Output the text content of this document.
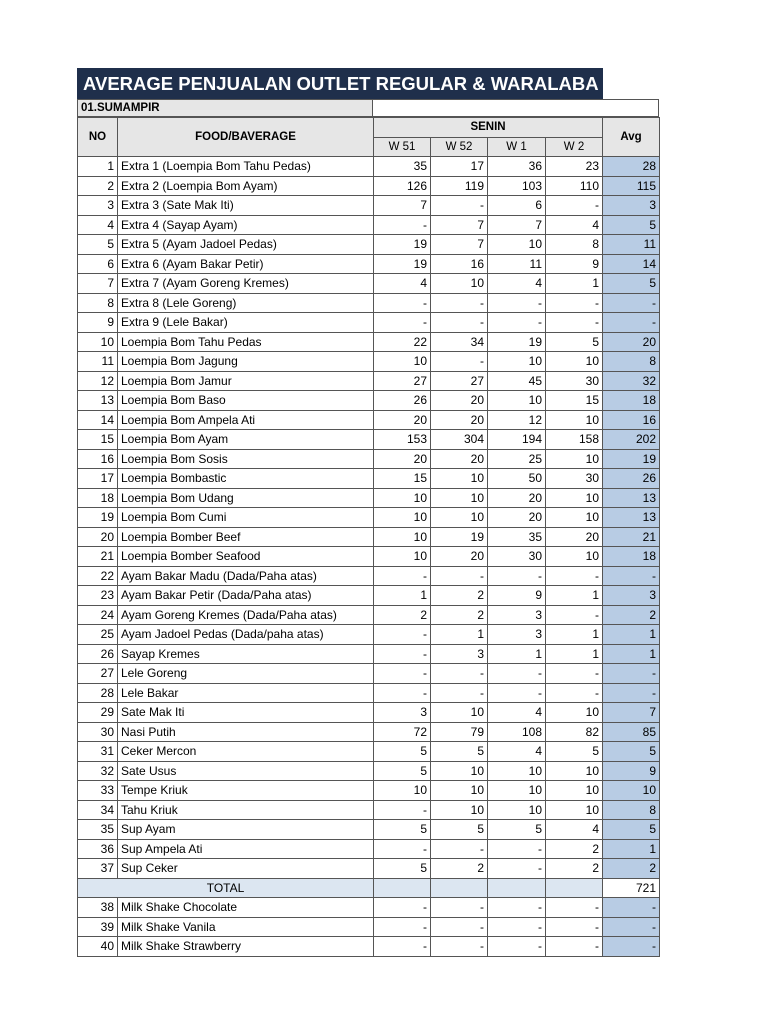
AVERAGE PENJUALAN OUTLET REGULAR & WARALABA
01.SUMAMPIR
NO	FOOD/BAVERAGE	SENIN				Avg
		W 51	W 52	W 1	W 2	
1	Extra 1 (Loempia Bom Tahu Pedas)	35	17	36	23	28
2	Extra 2 (Loempia Bom Ayam)	126	119	103	110	115
3	Extra 3 (Sate Mak Iti)	7	-	6	-	3
4	Extra 4 (Sayap Ayam)	-	7	7	4	5
5	Extra 5 (Ayam Jadoel Pedas)	19	7	10	8	11
6	Extra 6 (Ayam Bakar Petir)	19	16	11	9	14
7	Extra 7 (Ayam Goreng Kremes)	4	10	4	1	5
8	Extra 8 (Lele Goreng)	-	-	-	-	-
9	Extra 9 (Lele Bakar)	-	-	-	-	-
10	Loempia Bom Tahu Pedas	22	34	19	5	20
11	Loempia Bom Jagung	10	-	10	10	8
12	Loempia Bom Jamur	27	27	45	30	32
13	Loempia Bom Baso	26	20	10	15	18
14	Loempia Bom Ampela Ati	20	20	12	10	16
15	Loempia Bom Ayam	153	304	194	158	202
16	Loempia Bom Sosis	20	20	25	10	19
17	Loempia Bombastic	15	10	50	30	26
18	Loempia Bom Udang	10	10	20	10	13
19	Loempia Bom Cumi	10	10	20	10	13
20	Loempia Bomber Beef	10	19	35	20	21
21	Loempia Bomber Seafood	10	20	30	10	18
22	Ayam Bakar Madu (Dada/Paha atas)	-	-	-	-	-
23	Ayam Bakar Petir (Dada/Paha atas)	1	2	9	1	3
24	Ayam Goreng Kremes (Dada/Paha atas)	2	2	3	-	2
25	Ayam Jadoel Pedas (Dada/paha atas)	-	1	3	1	1
26	Sayap Kremes	-	3	1	1	1
27	Lele Goreng	-	-	-	-	-
28	Lele Bakar	-	-	-	-	-
29	Sate Mak Iti	3	10	4	10	7
30	Nasi Putih	72	79	108	82	85
31	Ceker Mercon	5	5	4	5	5
32	Sate Usus	5	10	10	10	9
33	Tempe Kriuk	10	10	10	10	10
34	Tahu Kriuk	-	10	10	10	8
35	Sup Ayam	5	5	5	4	5
36	Sup Ampela Ati	-	-	-	2	1
37	Sup Ceker	5	2	-	2	2
TOTAL						721
38	Milk Shake Chocolate	-	-	-	-	-
39	Milk Shake Vanila	-	-	-	-	-
40	Milk Shake Strawberry	-	-	-	-	-
